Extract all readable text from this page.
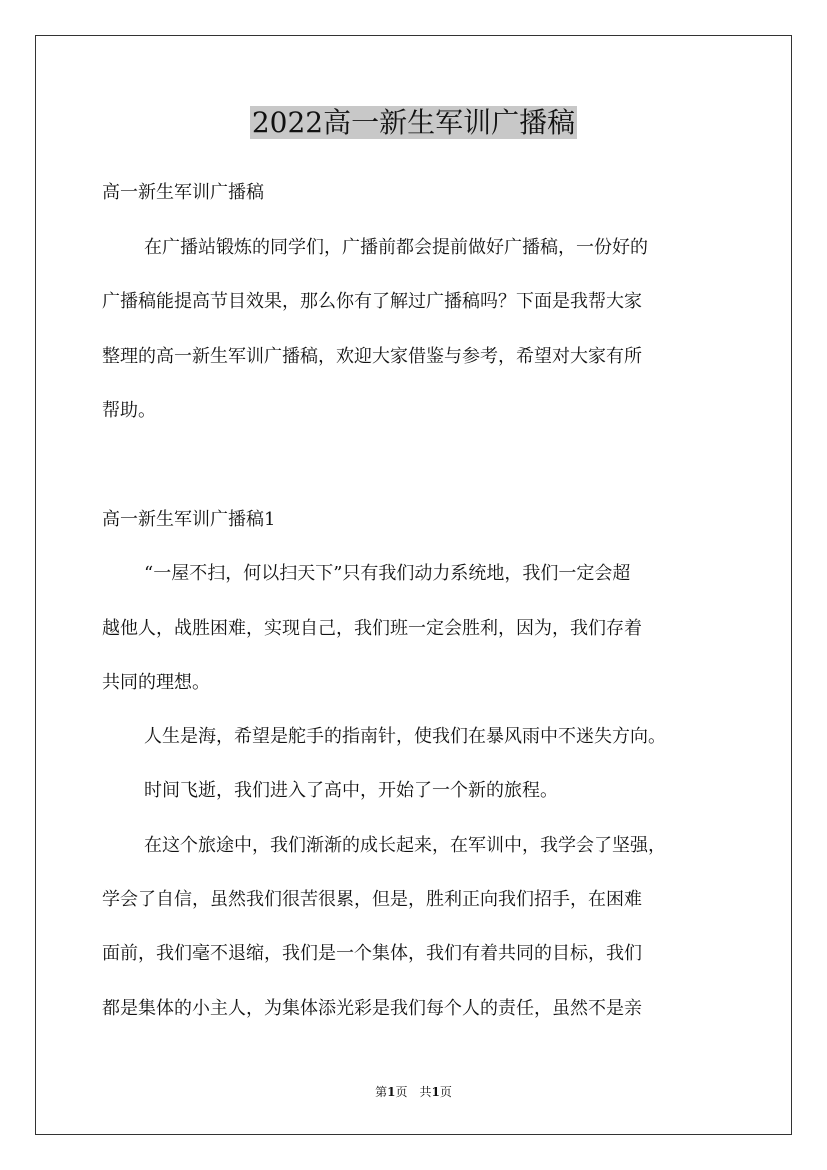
2022高一新生军训广播稿

高一新生军训广播稿

在广播站锻炼的同学们，广播前都会提前做好广播稿，一份好的

广播稿能提高节目效果，那么你有了解过广播稿吗？下面是我帮大家

整理的高一新生军训广播稿，欢迎大家借鉴与参考，希望对大家有所

帮助。

高一新生军训广播稿1

“一屋不扫，何以扫天下”只有我们动力系统地，我们一定会超

越他人，战胜困难，实现自己，我们班一定会胜利，因为，我们存着

共同的理想。

人生是海，希望是舵手的指南针，使我们在暴风雨中不迷失方向。

时间飞逝，我们进入了高中，开始了一个新的旅程。

在这个旅途中，我们渐渐的成长起来，在军训中，我学会了坚强，

学会了自信，虽然我们很苦很累，但是，胜利正向我们招手，在困难

面前，我们毫不退缩，我们是一个集体，我们有着共同的目标，我们

都是集体的小主人，为集体添光彩是我们每个人的责任，虽然不是亲

第1页　共1页
